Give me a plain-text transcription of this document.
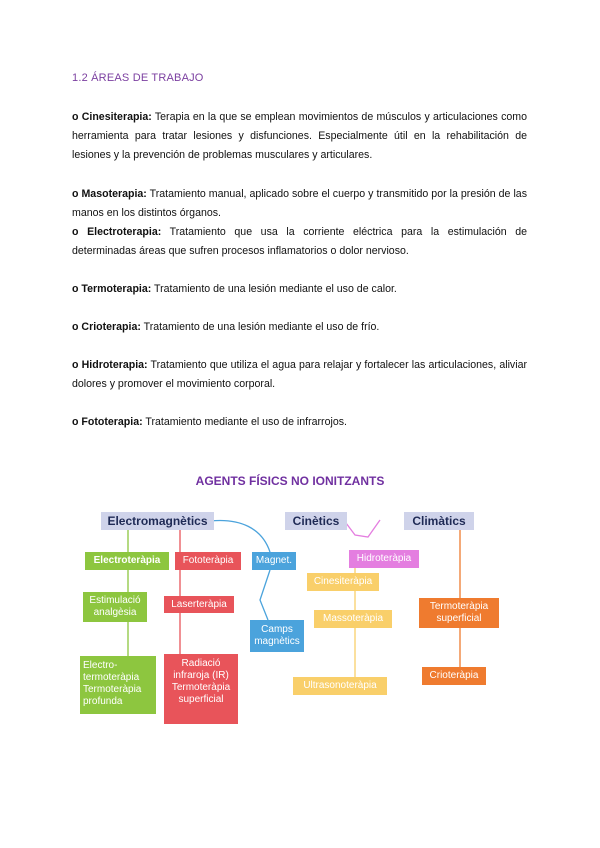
1.2 ÁREAS DE TRABAJO
o Cinesiterapia: Terapia en la que se emplean movimientos de músculos y articulaciones como herramienta para tratar lesiones y disfunciones. Especialmente útil en la rehabilitación de lesiones y la prevención de problemas musculares y articulares.
o Masoterapia: Tratamiento manual, aplicado sobre el cuerpo y transmitido por la presión de las manos en los distintos órganos.
o Electroterapia: Tratamiento que usa la corriente eléctrica para la estimulación de determinadas áreas que sufren procesos inflamatorios o dolor nervioso.
o Termoterapia: Tratamiento de una lesión mediante el uso de calor.
o Crioterapia: Tratamiento de una lesión mediante el uso de frío.
o Hidroterapia: Tratamiento que utiliza el agua para relajar y fortalecer las articulaciones, aliviar dolores y promover el movimiento corporal.
o Fototerapia: Tratamiento mediante el uso de infrarrojos.
AGENTS FÍSICS NO IONITZANTS
Electromagnètics	Cinètics	Climàtics
Electroteràpia
Estimulació analgèsia
Electro-termoteràpia Termoteràpia profunda
Fototeràpia
Laserteràpia
Radiació infraroja (IR) Termoteràpia superficial
Magnet.
Camps magnètics
Hidroteràpia
Cinesiteràpia
Massoteràpia
Ultrasonoteràpia
Termoteràpia superficial
Crioteràpia
